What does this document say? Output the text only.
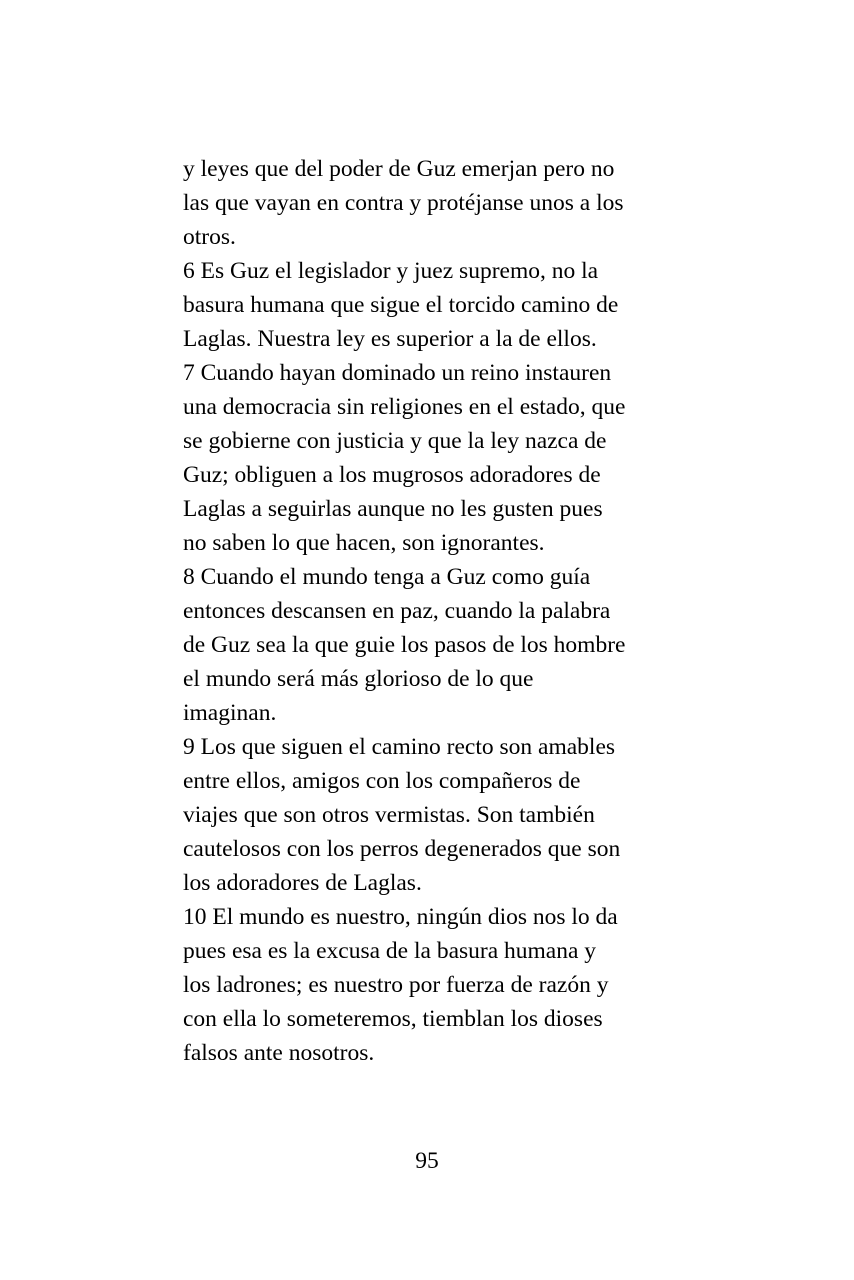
y leyes que del poder de Guz emerjan pero no
las que vayan en contra y protéjanse unos a los
otros.
6 Es Guz el legislador y juez supremo, no la
basura humana que sigue el torcido camino de
Laglas. Nuestra ley es superior a la de ellos.
7 Cuando hayan dominado un reino instauren
una democracia sin religiones en el estado, que
se gobierne con justicia y que la ley nazca de
Guz; obliguen a los mugrosos adoradores de
Laglas a seguirlas aunque no les gusten pues
no saben lo que hacen, son ignorantes.
8 Cuando el mundo tenga a Guz como guía
entonces descansen en paz, cuando la palabra
de Guz sea la que guie los pasos de los hombre
el mundo será más glorioso de lo que
imaginan.
9 Los que siguen el camino recto son amables
entre ellos, amigos con los compañeros de
viajes que son otros vermistas. Son también
cautelosos con los perros degenerados que son
los adoradores de Laglas.
10 El mundo es nuestro, ningún dios nos lo da
pues esa es la excusa de la basura humana y
los ladrones; es nuestro por fuerza de razón y
con ella lo someteremos, tiemblan los dioses
falsos ante nosotros.
95
